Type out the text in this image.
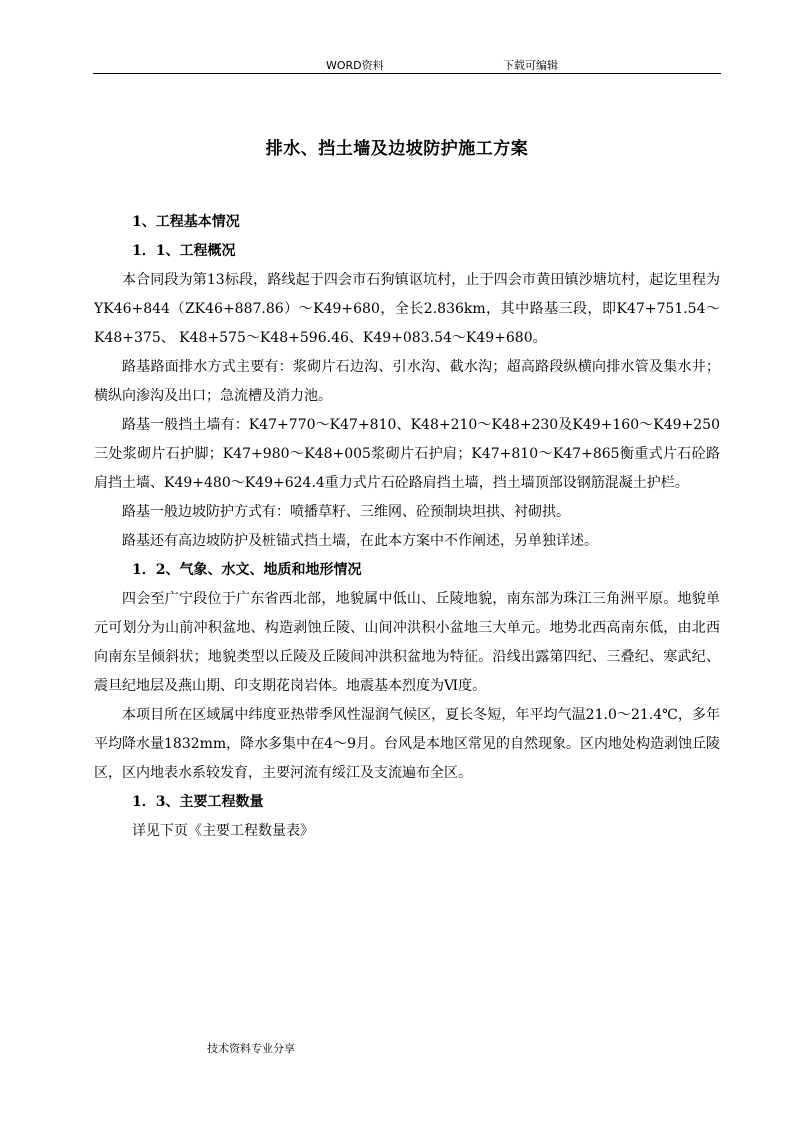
WORD资料	下载可编辑
排水、挡土墙及边坡防护施工方案
1、工程基本情况
1．1、工程概况

本合同段为第13标段，路线起于四会市石狗镇讴坑村，止于四会市黄田镇沙塘坑村，起讫里程为YK46+844（ZK46+887.86）～K49+680，全长2.836km，其中路基三段，即K47+751.54～K48+375、 K48+575～K48+596.46、K49+083.54～K49+680。

路基路面排水方式主要有：浆砌片石边沟、引水沟、截水沟；超高路段纵横向排水管及集水井；横纵向渗沟及出口；急流槽及消力池。

路基一般挡土墙有：K47+770～K47+810、K48+210～K48+230及K49+160～K49+250三处浆砌片石护脚；K47+980～K48+005浆砌片石护肩；K47+810～K47+865衡重式片石砼路肩挡土墙、K49+480～K49+624.4重力式片石砼路肩挡土墙，挡土墙顶部设钢筋混凝土护栏。

路基一般边坡防护方式有：喷播草籽、三维网、砼预制块坦拱、衬砌拱。

路基还有高边坡防护及桩锚式挡土墙，在此本方案中不作阐述，另单独详述。

1．2、气象、水文、地质和地形情况

四会至广宁段位于广东省西北部，地貌属中低山、丘陵地貌，南东部为珠江三角洲平原。地貌单元可划分为山前冲积盆地、构造剥蚀丘陵、山间冲洪积小盆地三大单元。地势北西高南东低，由北西向南东呈倾斜状；地貌类型以丘陵及丘陵间冲洪积盆地为特征。沿线出露第四纪、三叠纪、寒武纪、震旦纪地层及燕山期、印支期花岗岩体。地震基本烈度为Ⅵ度。

本项目所在区域属中纬度亚热带季风性湿润气候区，夏长冬短，年平均气温21.0～21.4℃，多年平均降水量1832mm，降水多集中在4～9月。台风是本地区常见的自然现象。区内地处构造剥蚀丘陵区，区内地表水系较发育，主要河流有绥江及支流遍布全区。

1．3、主要工程数量

详见下页《主要工程数量表》

技术资料专业分享
